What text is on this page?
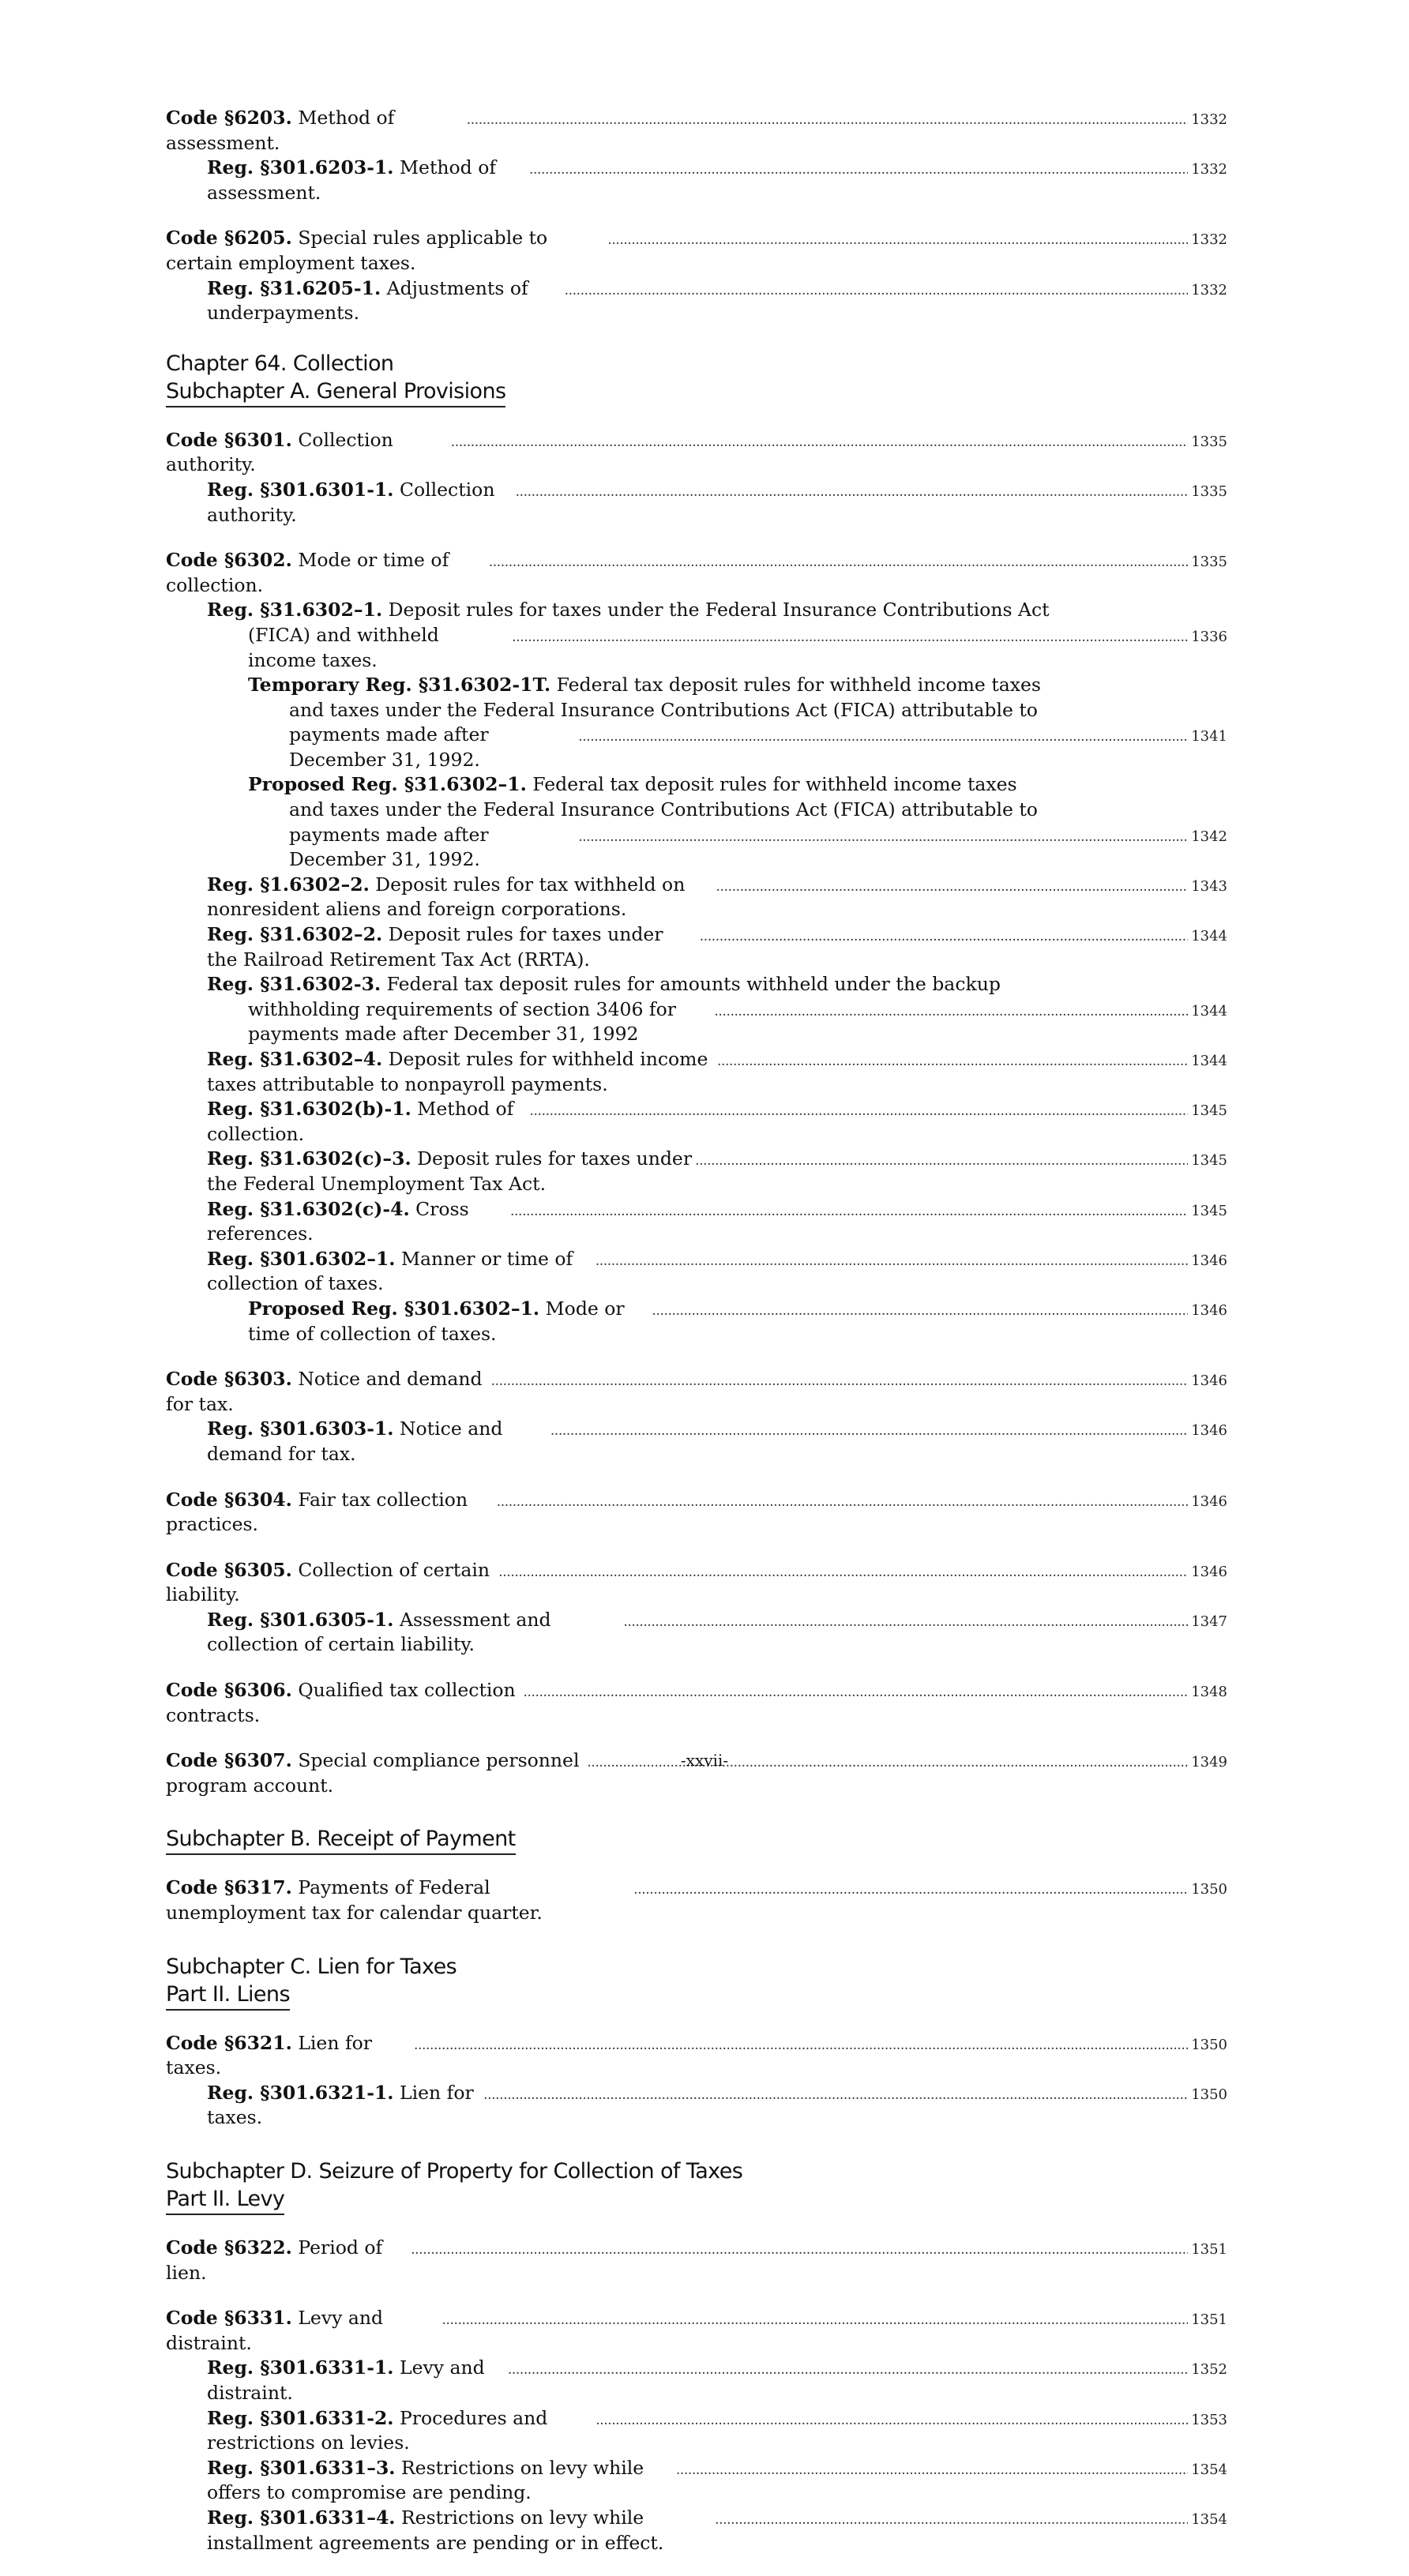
Code §6203. Method of assessment.
. . .
1332
Reg. §301.6203-1. Method of assessment.
. . .
1332
Code §6205. Special rules applicable to certain employment taxes.
. . .
1332
Reg. §31.6205-1. Adjustments of underpayments.
. . .
1332
Chapter 64. Collection
Subchapter A. General Provisions
Code §6301. Collection authority.
. . .
1335
Reg. §301.6301-1. Collection authority.
. . .
1335
Code §6302. Mode or time of collection.
. . .
1335
Reg. §31.6302–1. Deposit rules for taxes under the Federal Insurance Contributions Act
(FICA) and withheld income taxes.
. . .
1336
Temporary Reg. §31.6302-1T. Federal tax deposit rules for withheld income taxes
and taxes under the Federal Insurance Contributions Act (FICA) attributable to
payments made after December 31, 1992.
. . .
1341
Proposed Reg. §31.6302–1. Federal tax deposit rules for withheld income taxes
and taxes under the Federal Insurance Contributions Act (FICA) attributable to
payments made after December 31, 1992.
. . .
1342
Reg. §1.6302–2. Deposit rules for tax withheld on nonresident aliens and foreign corporations.
. . .
1343
Reg. §31.6302–2. Deposit rules for taxes under the Railroad Retirement Tax Act (RRTA).
. . .
1344
Reg. §31.6302-3. Federal tax deposit rules for amounts withheld under the backup
withholding requirements of section 3406 for payments made after December 31, 1992
. . .
1344
Reg. §31.6302–4. Deposit rules for withheld income taxes attributable to nonpayroll payments.
. . .
1344
Reg. §31.6302(b)-1. Method of collection.
. . .
1345
Reg. §31.6302(c)–3. Deposit rules for taxes under the Federal Unemployment Tax Act.
. . .
1345
Reg. §31.6302(c)-4. Cross references.
. . .
1345
Reg. §301.6302–1. Manner or time of collection of taxes.
. . .
1346
Proposed Reg. §301.6302–1. Mode or time of collection of taxes.
. . .
1346
Code §6303. Notice and demand for tax.
. . .
1346
Reg. §301.6303-1. Notice and demand for tax.
. . .
1346
Code §6304. Fair tax collection practices.
. . .
1346
Code §6305. Collection of certain liability.
. . .
1346
Reg. §301.6305-1. Assessment and collection of certain liability.
. . .
1347
Code §6306. Qualified tax collection contracts.
. . .
1348
Code §6307. Special compliance personnel program account.
. . .
1349
Subchapter B. Receipt of Payment
Code §6317. Payments of Federal unemployment tax for calendar quarter.
. . .
1350
Subchapter C. Lien for Taxes
Part II. Liens
Code §6321. Lien for taxes.
. . .
1350
Reg. §301.6321-1. Lien for taxes.
. . .
1350
Subchapter D. Seizure of Property for Collection of Taxes
Part II. Levy
Code §6322. Period of lien.
. . .
1351
Code §6331. Levy and distraint.
. . .
1351
Reg. §301.6331-1. Levy and distraint.
. . .
1352
Reg. §301.6331-2. Procedures and restrictions on levies.
. . .
1353
Reg. §301.6331–3. Restrictions on levy while offers to compromise are pending.
. . .
1354
Reg. §301.6331–4. Restrictions on levy while installment agreements are pending or in effect.
. . .
1354
-xxvii-
